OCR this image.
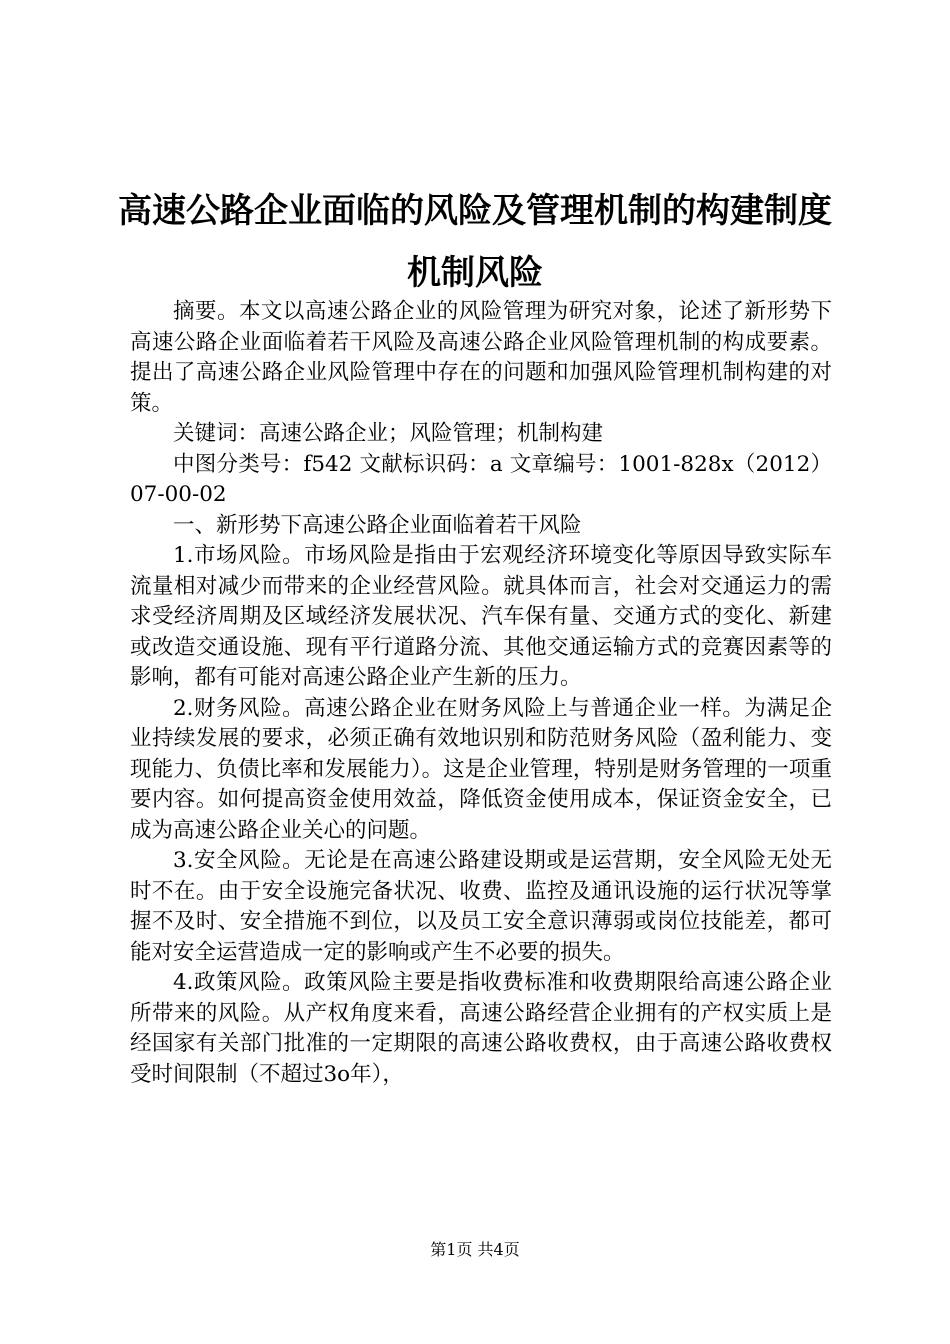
高速公路企业面临的风险及管理机制的构建制度机制风险

摘要。本文以高速公路企业的风险管理为研究对象，论述了新形势下高速公路企业面临着若干风险及高速公路企业风险管理机制的构成要素。提出了高速公路企业风险管理中存在的问题和加强风险管理机制构建的对策。

关键词：高速公路企业；风险管理；机制构建

中图分类号：f542 文献标识码：a 文章编号：1001-828x（2012）07-00-02

一、新形势下高速公路企业面临着若干风险

1.市场风险。市场风险是指由于宏观经济环境变化等原因导致实际车流量相对减少而带来的企业经营风险。就具体而言，社会对交通运力的需求受经济周期及区域经济发展状况、汽车保有量、交通方式的变化、新建或改造交通设施、现有平行道路分流、其他交通运输方式的竞赛因素等的影响，都有可能对高速公路企业产生新的压力。

2.财务风险。高速公路企业在财务风险上与普通企业一样。为满足企业持续发展的要求，必须正确有效地识别和防范财务风险（盈利能力、变现能力、负债比率和发展能力）。这是企业管理，特别是财务管理的一项重要内容。如何提高资金使用效益，降低资金使用成本，保证资金安全，已成为高速公路企业关心的问题。

3.安全风险。无论是在高速公路建设期或是运营期，安全风险无处无时不在。由于安全设施完备状况、收费、监控及通讯设施的运行状况等掌握不及时、安全措施不到位，以及员工安全意识薄弱或岗位技能差，都可能对安全运营造成一定的影响或产生不必要的损失。

4.政策风险。政策风险主要是指收费标准和收费期限给高速公路企业所带来的风险。从产权角度来看，高速公路经营企业拥有的产权实质上是经国家有关部门批准的一定期限的高速公路收费权，由于高速公路收费权受时间限制（不超过3o年），

第1页 共4页
